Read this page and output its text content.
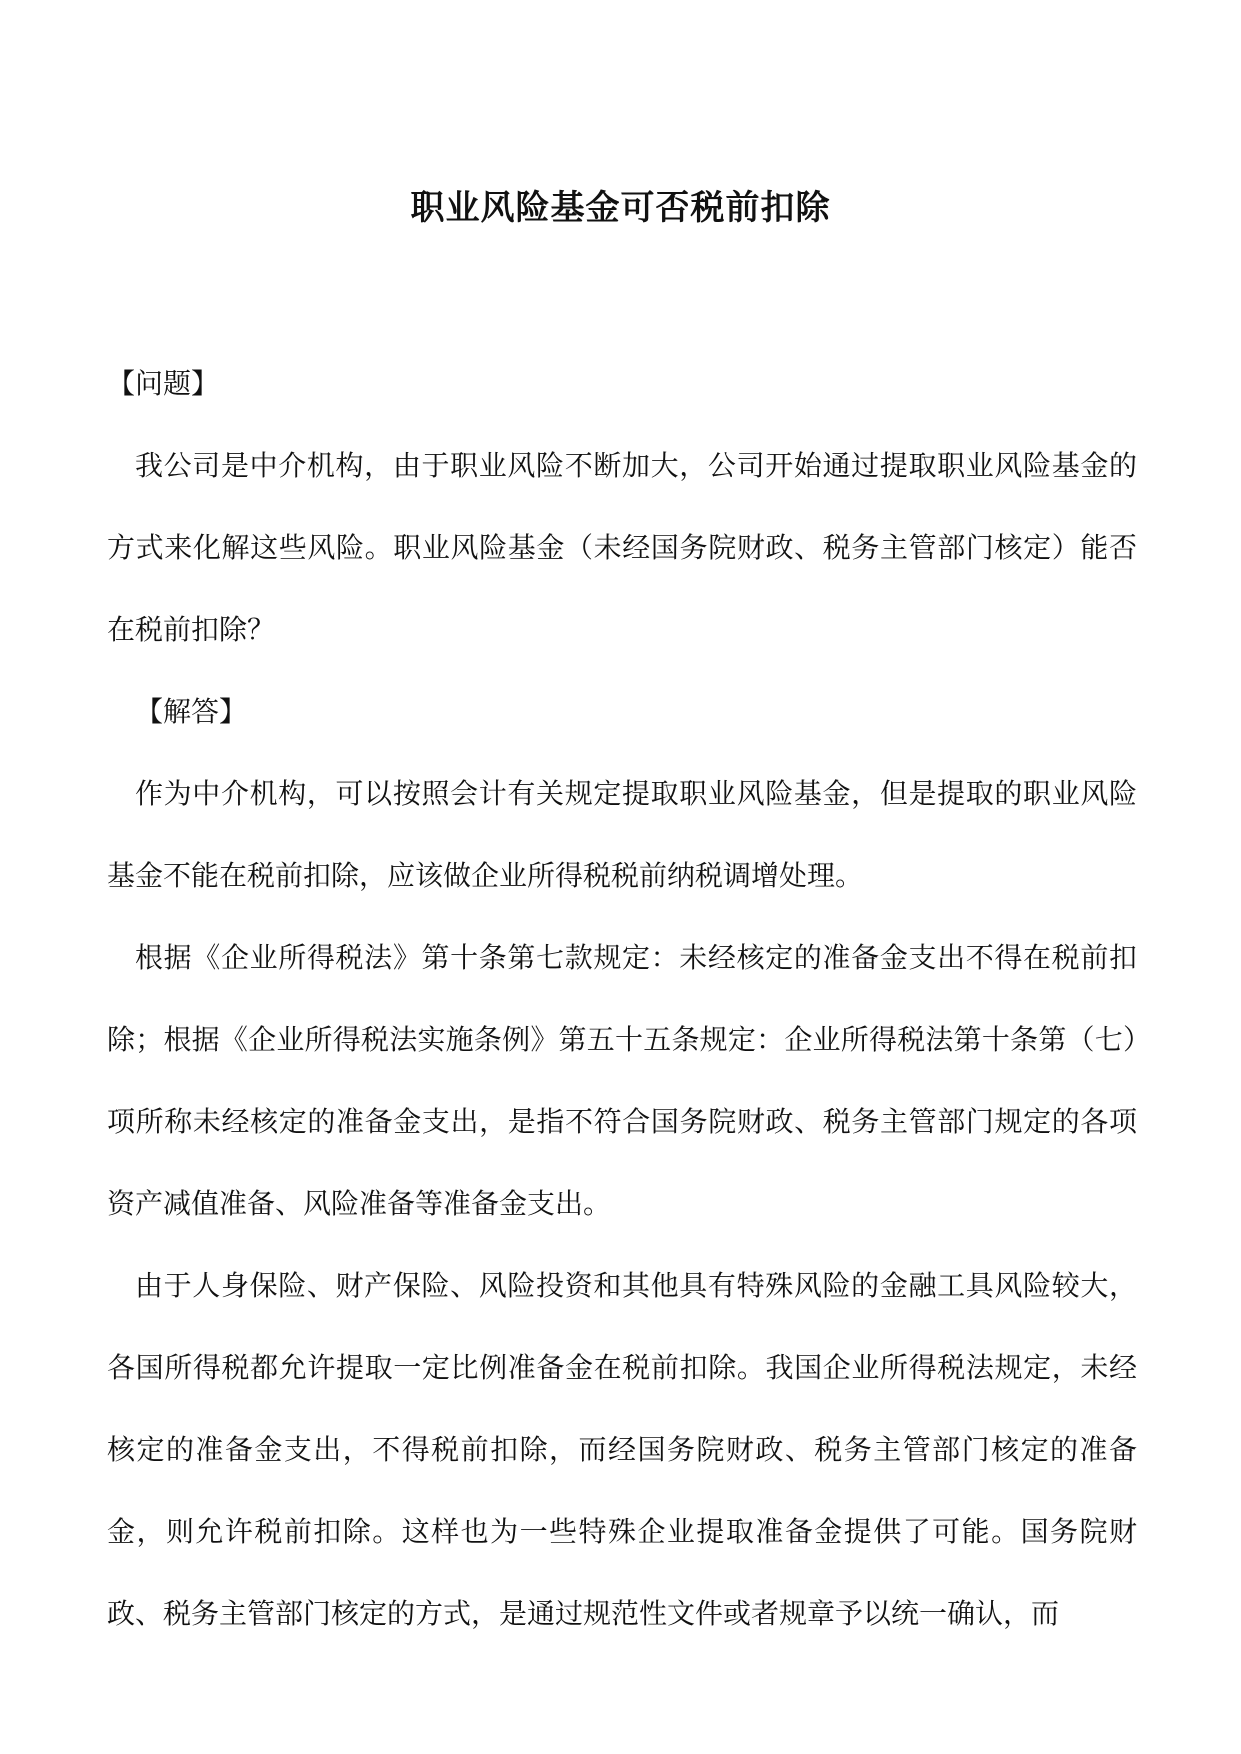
职业风险基金可否税前扣除

【问题】

我公司是中介机构，由于职业风险不断加大，公司开始通过提取职业风险基金的方式来化解这些风险。职业风险基金（未经国务院财政、税务主管部门核定）能否在税前扣除？

【解答】

作为中介机构，可以按照会计有关规定提取职业风险基金，但是提取的职业风险基金不能在税前扣除，应该做企业所得税税前纳税调增处理。

根据《企业所得税法》第十条第七款规定：未经核定的准备金支出不得在税前扣除；根据《企业所得税法实施条例》第五十五条规定：企业所得税法第十条第（七）项所称未经核定的准备金支出，是指不符合国务院财政、税务主管部门规定的各项资产减值准备、风险准备等准备金支出。

由于人身保险、财产保险、风险投资和其他具有特殊风险的金融工具风险较大，各国所得税都允许提取一定比例准备金在税前扣除。我国企业所得税法规定，未经核定的准备金支出，不得税前扣除，而经国务院财政、税务主管部门核定的准备金，则允许税前扣除。这样也为一些特殊企业提取准备金提供了可能。国务院财政、税务主管部门核定的方式，是通过规范性文件或者规章予以统一确认，而
